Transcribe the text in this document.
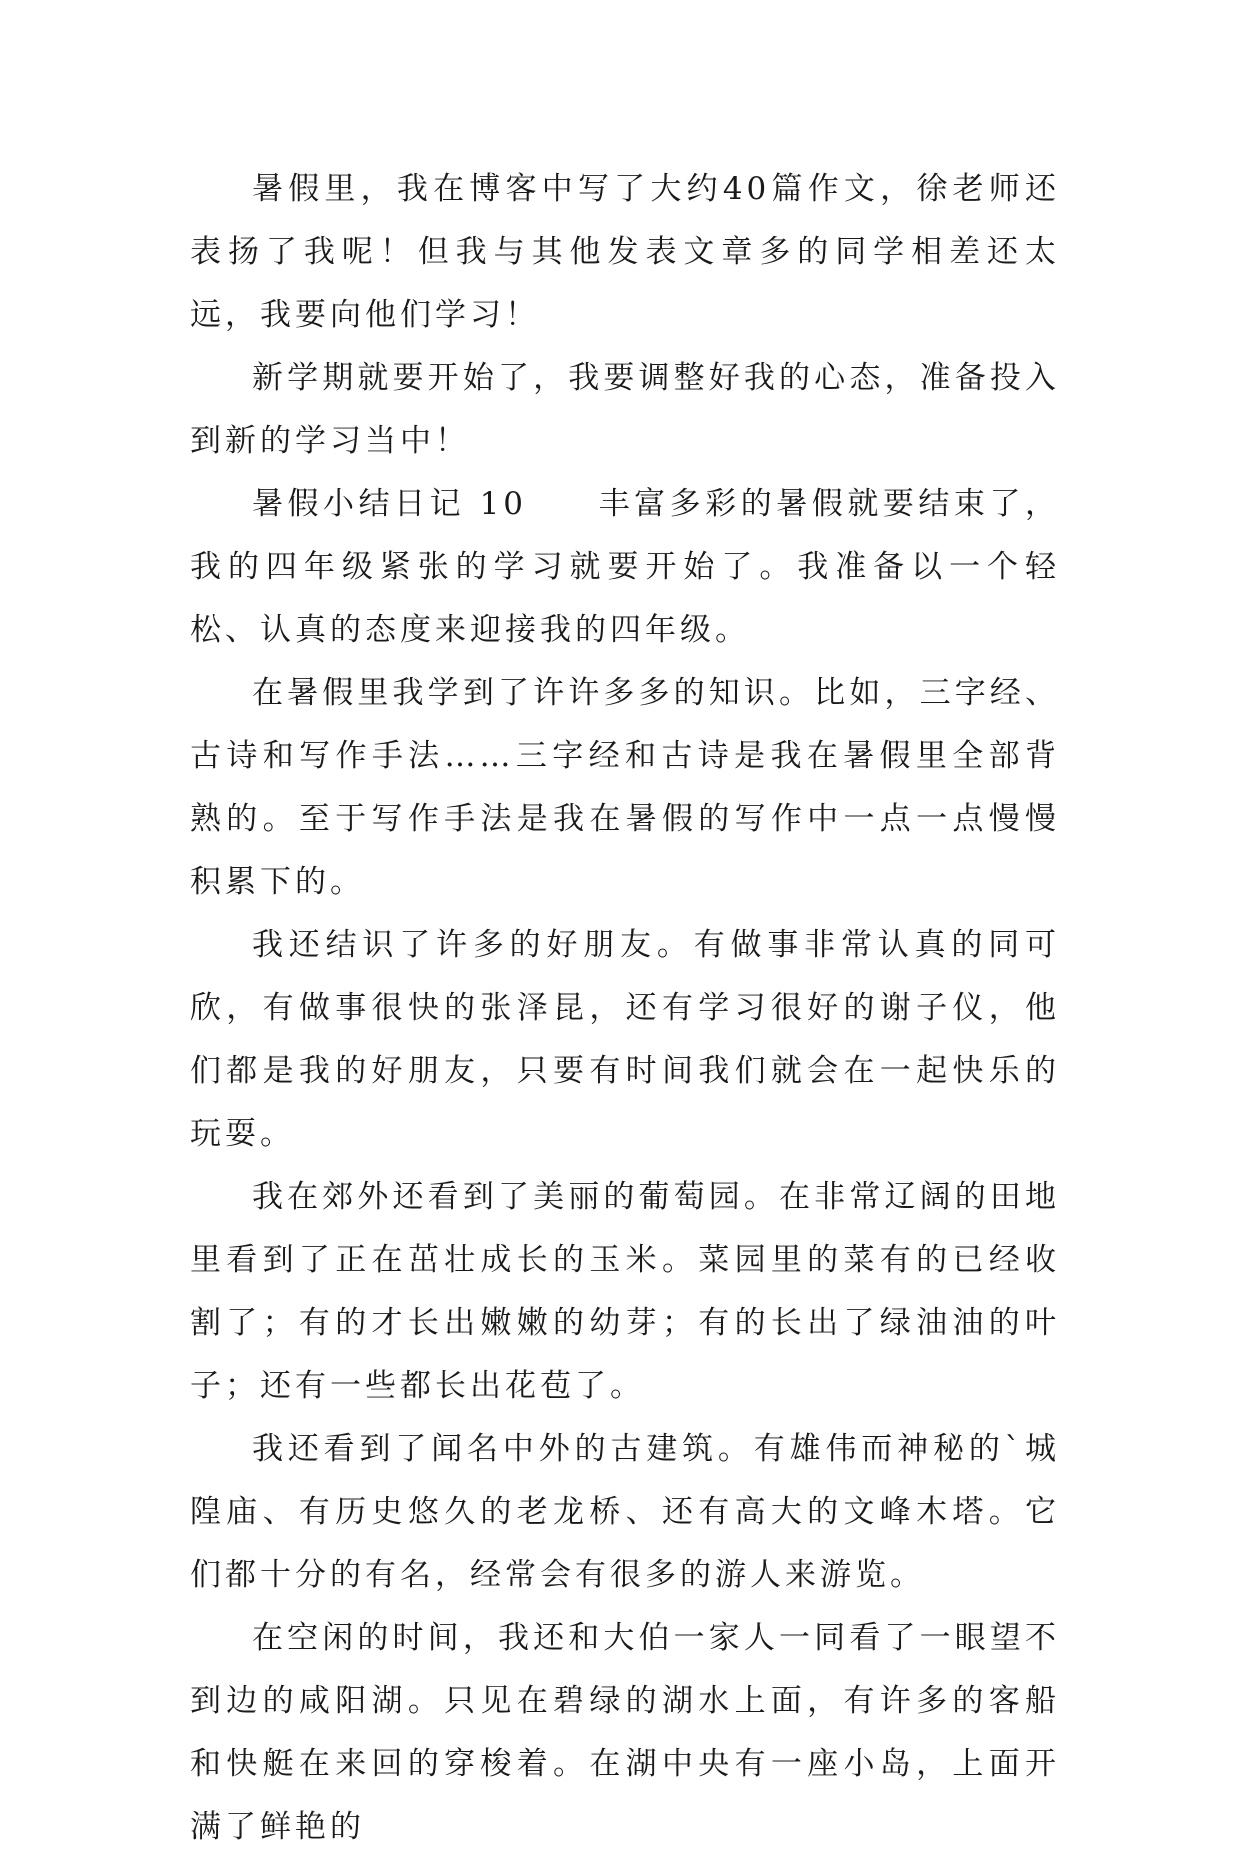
暑假里，我在博客中写了大约40篇作文，徐老师还表扬了我呢！但我与其他发表文章多的同学相差还太远，我要向他们学习！

新学期就要开始了，我要调整好我的心态，准备投入到新的学习当中！

暑假小结日记 10　　丰富多彩的暑假就要结束了，我的四年级紧张的学习就要开始了。我准备以一个轻松、认真的态度来迎接我的四年级。

在暑假里我学到了许许多多的知识。比如，三字经、古诗和写作手法……三字经和古诗是我在暑假里全部背熟的。至于写作手法是我在暑假的写作中一点一点慢慢积累下的。

我还结识了许多的好朋友。有做事非常认真的同可欣，有做事很快的张泽昆，还有学习很好的谢子仪，他们都是我的好朋友，只要有时间我们就会在一起快乐的玩耍。

我在郊外还看到了美丽的葡萄园。在非常辽阔的田地里看到了正在茁壮成长的玉米。菜园里的菜有的已经收割了；有的才长出嫩嫩的幼芽；有的长出了绿油油的叶子；还有一些都长出花苞了。

我还看到了闻名中外的古建筑。有雄伟而神秘的`城隍庙、有历史悠久的老龙桥、还有高大的文峰木塔。它们都十分的有名，经常会有很多的游人来游览。

在空闲的时间，我还和大伯一家人一同看了一眼望不到边的咸阳湖。只见在碧绿的湖水上面，有许多的客船和快艇在来回的穿梭着。在湖中央有一座小岛，上面开满了鲜艳的
